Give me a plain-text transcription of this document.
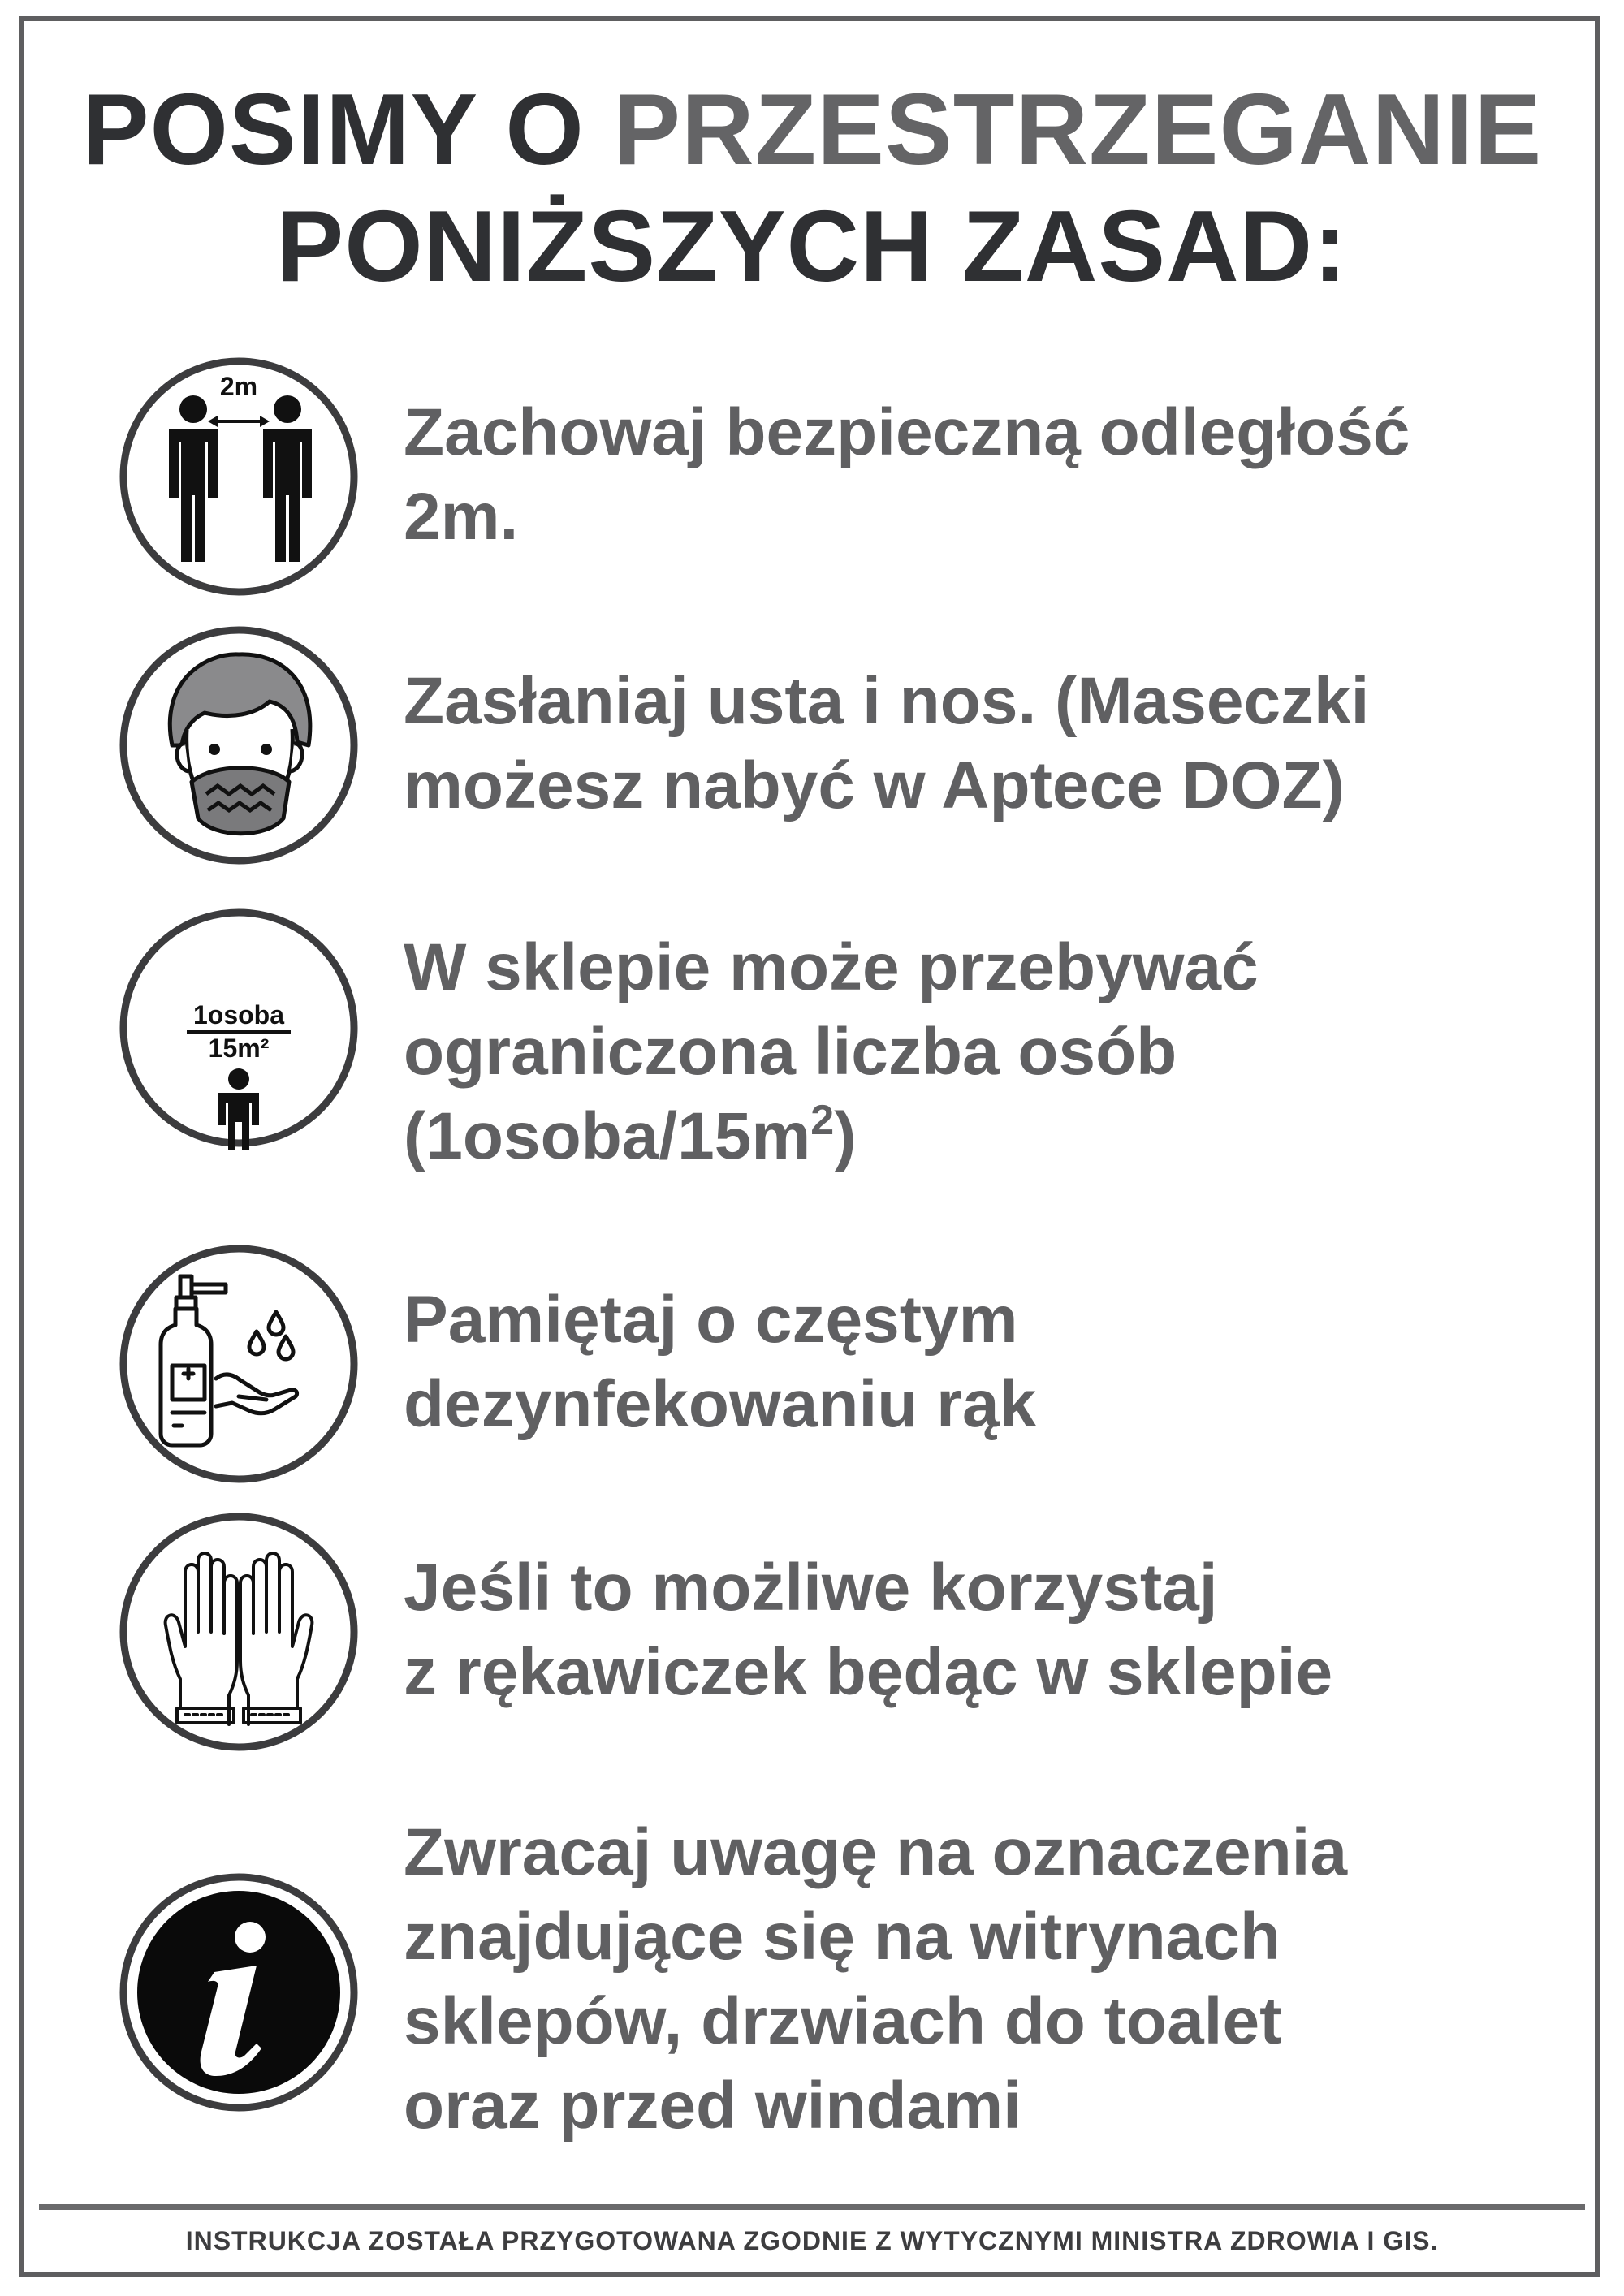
POSIMY O PRZESTRZEGANIE
PONIŻSZYCH ZASAD:
2m
Zachowaj bezpieczną odległość
2m.
Zasłaniaj usta i nos. (Maseczki
możesz nabyć w Aptece DOZ)
1osoba
15m²
W sklepie może przebywać
ograniczona liczba osób
$(1osoba/15m^2)$
Pamiętaj o częstym
dezynfekowaniu rąk
Jeśli to możliwe korzystaj
z rękawiczek będąc w sklepie
Zwracaj uwagę na oznaczenia
znajdujące się na witrynach
sklepów, drzwiach do toalet
oraz przed windami
INSTRUKCJA ZOSTAŁA PRZYGOTOWANA ZGODNIE Z WYTYCZNYMI MINISTRA ZDROWIA I GIS.
